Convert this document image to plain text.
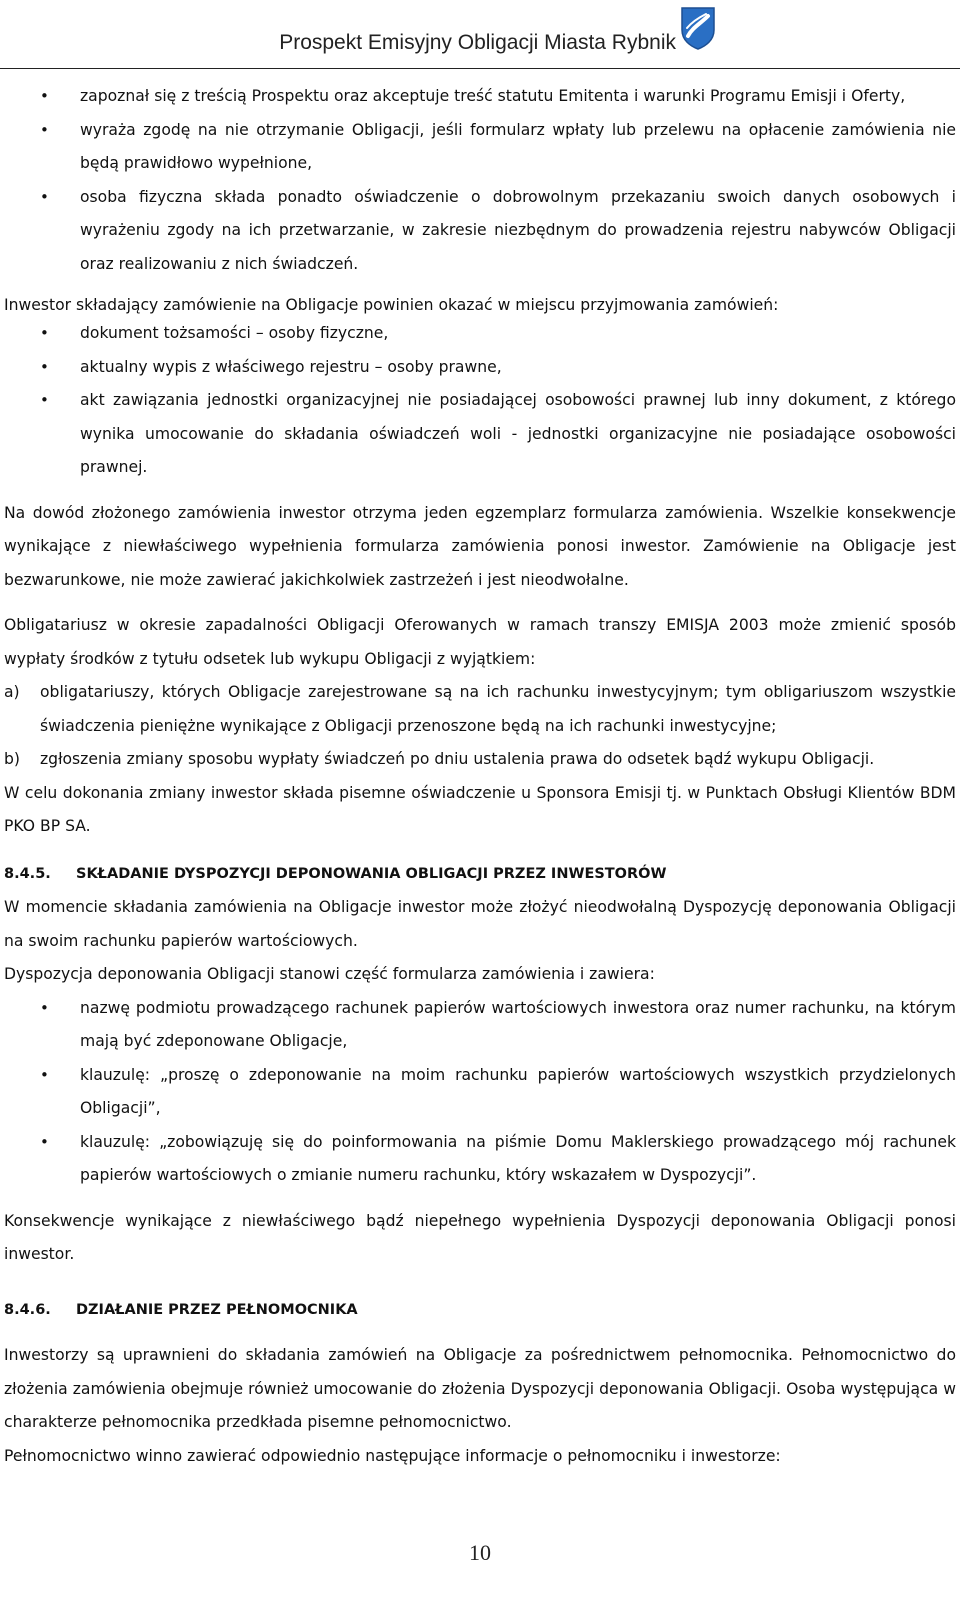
Prospekt Emisyjny Obligacji Miasta Rybnik
• zapoznał się z treścią Prospektu oraz akceptuje treść statutu Emitenta i warunki Programu Emisji i Oferty,
• wyraża zgodę na nie otrzymanie Obligacji, jeśli formularz wpłaty lub przelewu na opłacenie zamówienia nie będą prawidłowo wypełnione,
• osoba fizyczna składa ponadto oświadczenie o dobrowolnym przekazaniu swoich danych osobowych i wyrażeniu zgody na ich przetwarzanie, w zakresie niezbędnym do prowadzenia rejestru nabywców Obligacji oraz realizowaniu z nich świadczeń.

Inwestor składający zamówienie na Obligacje powinien okazać w miejscu przyjmowania zamówień:

• dokument tożsamości – osoby fizyczne,
• aktualny wypis z właściwego rejestru – osoby prawne,
• akt zawiązania jednostki organizacyjnej nie posiadającej osobowości prawnej lub inny dokument, z którego wynika umocowanie do składania oświadczeń woli - jednostki organizacyjne nie posiadające osobowości prawnej.

Na dowód złożonego zamówienia inwestor otrzyma jeden egzemplarz formularza zamówienia. Wszelkie konsekwencje wynikające z niewłaściwego wypełnienia formularza zamówienia ponosi inwestor. Zamówienie na Obligacje jest bezwarunkowe, nie może zawierać jakichkolwiek zastrzeżeń i jest nieodwołalne.

Obligatariusz w okresie zapadalności Obligacji Oferowanych w ramach transzy EMISJA 2003 może zmienić sposób wypłaty środków z tytułu odsetek lub wykupu Obligacji z wyjątkiem:

a) obligatariuszy, których Obligacje zarejestrowane są na ich rachunku inwestycyjnym; tym obligariuszom wszystkie świadczenia pieniężne wynikające z Obligacji przenoszone będą na ich rachunki inwestycyjne;
b) zgłoszenia zmiany sposobu wypłaty świadczeń po dniu ustalenia prawa do odsetek bądź wykupu Obligacji.

W celu dokonania zmiany inwestor składa pisemne oświadczenie u Sponsora Emisji tj. w Punktach Obsługi Klientów BDM PKO BP SA.

8.4.5. SKŁADANIE DYSPOZYCJI DEPONOWANIA OBLIGACJI PRZEZ INWESTORÓW

W momencie składania zamówienia na Obligacje inwestor może złożyć nieodwołalną Dyspozycję deponowania Obligacji na swoim rachunku papierów wartościowych.

Dyspozycja deponowania Obligacji stanowi część formularza zamówienia i zawiera:

• nazwę podmiotu prowadzącego rachunek papierów wartościowych inwestora oraz numer rachunku, na którym mają być zdeponowane Obligacje,
• klauzulę: „proszę o zdeponowanie na moim rachunku papierów wartościowych wszystkich przydzielonych Obligacji”,
• klauzulę: „zobowiązuję się do poinformowania na piśmie Domu Maklerskiego prowadzącego mój rachunek papierów wartościowych o zmianie numeru rachunku, który wskazałem w Dyspozycji”.

Konsekwencje wynikające z niewłaściwego bądź niepełnego wypełnienia Dyspozycji deponowania Obligacji ponosi inwestor.

8.4.6. DZIAŁANIE PRZEZ PEŁNOMOCNIKA

Inwestorzy są uprawnieni do składania zamówień na Obligacje za pośrednictwem pełnomocnika. Pełnomocnictwo do złożenia zamówienia obejmuje również umocowanie do złożenia Dyspozycji deponowania Obligacji. Osoba występująca w charakterze pełnomocnika przedkłada pisemne pełnomocnictwo.

Pełnomocnictwo winno zawierać odpowiednio następujące informacje o pełnomocniku i inwestorze:

10
